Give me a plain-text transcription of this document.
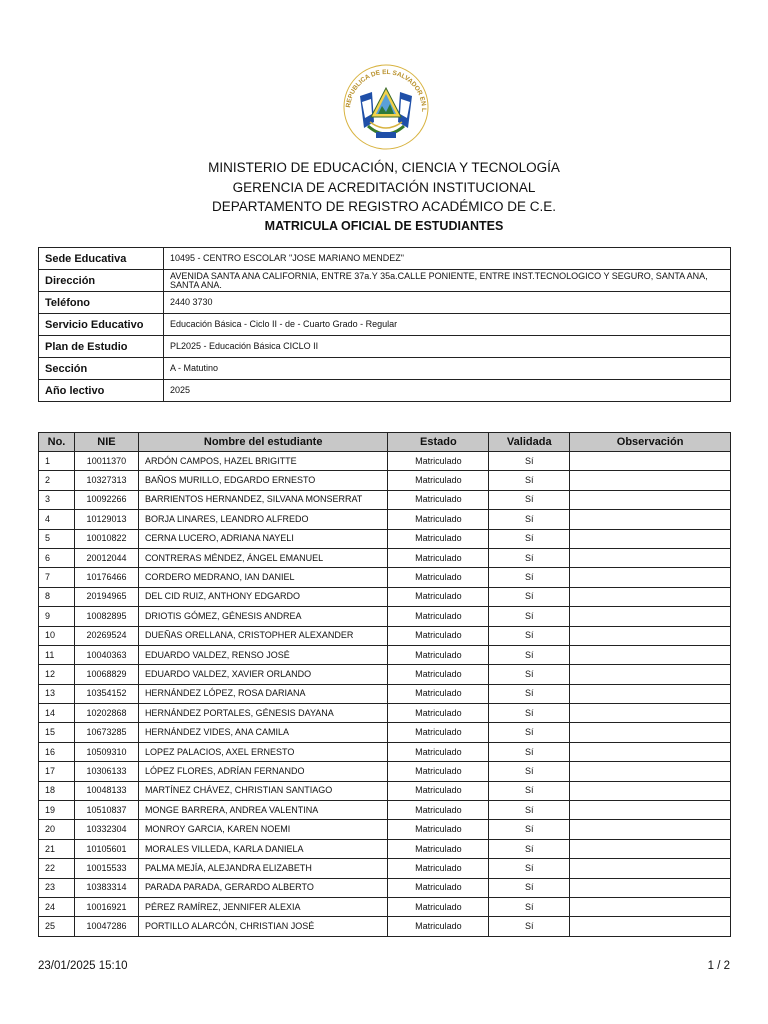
REPUBLICA DE EL SALVADOR EN L
MINISTERIO DE EDUCACIÓN, CIENCIA Y TECNOLOGÍA
GERENCIA DE ACREDITACIÓN INSTITUCIONAL
DEPARTAMENTO DE REGISTRO ACADÉMICO DE C.E.
MATRICULA OFICIAL DE ESTUDIANTES
Sede Educativa	10495 - CENTRO ESCOLAR "JOSE MARIANO MENDEZ"
Dirección	AVENIDA SANTA ANA CALIFORNIA, ENTRE 37a.Y 35a.CALLE PONIENTE, ENTRE INST.TECNOLOGICO Y SEGURO, SANTA ANA, SANTA ANA.
Teléfono	2440 3730
Servicio Educativo	Educación Básica - Ciclo II - de - Cuarto Grado - Regular
Plan de Estudio	PL2025 - Educación Básica CICLO II
Sección	A - Matutino
Año lectivo	2025
No.	NIE	Nombre del estudiante	Estado	Validada	Observación
1	10011370	ARDÓN CAMPOS, HAZEL BRIGITTE	Matriculado	Sí	
2	10327313	BAÑOS MURILLO, EDGARDO ERNESTO	Matriculado	Sí	
3	10092266	BARRIENTOS HERNANDEZ, SILVANA MONSERRAT	Matriculado	Sí	
4	10129013	BORJA LINARES, LEANDRO ALFREDO	Matriculado	Sí	
5	10010822	CERNA LUCERO, ADRIANA NAYELI	Matriculado	Sí	
6	20012044	CONTRERAS MÉNDEZ, ÁNGEL EMANUEL	Matriculado	Sí	
7	10176466	CORDERO MEDRANO, IAN DANIEL	Matriculado	Sí	
8	20194965	DEL CID RUIZ, ANTHONY EDGARDO	Matriculado	Sí	
9	10082895	DRIOTIS GÓMEZ, GÉNESIS ANDREA	Matriculado	Sí	
10	20269524	DUEÑAS ORELLANA, CRISTOPHER ALEXANDER	Matriculado	Sí	
11	10040363	EDUARDO VALDEZ, RENSO JOSÉ	Matriculado	Sí	
12	10068829	EDUARDO VALDEZ, XAVIER ORLANDO	Matriculado	Sí	
13	10354152	HERNÁNDEZ LÓPEZ, ROSA DARIANA	Matriculado	Sí	
14	10202868	HERNÁNDEZ PORTALES, GÉNESIS DAYANA	Matriculado	Sí	
15	10673285	HERNÁNDEZ VIDES, ANA CAMILA	Matriculado	Sí	
16	10509310	LOPEZ PALACIOS, AXEL ERNESTO	Matriculado	Sí	
17	10306133	LÓPEZ FLORES, ADRÍAN FERNANDO	Matriculado	Sí	
18	10048133	MARTÍNEZ CHÁVEZ, CHRISTIAN SANTIAGO	Matriculado	Sí	
19	10510837	MONGE BARRERA, ANDREA VALENTINA	Matriculado	Sí	
20	10332304	MONROY GARCIA, KAREN NOEMI	Matriculado	Sí	
21	10105601	MORALES VILLEDA, KARLA DANIELA	Matriculado	Sí	
22	10015533	PALMA MEJÍA, ALEJANDRA ELIZABETH	Matriculado	Sí	
23	10383314	PARADA PARADA, GERARDO ALBERTO	Matriculado	Sí	
24	10016921	PÉREZ RAMÍREZ, JENNIFER ALEXIA	Matriculado	Sí	
25	10047286	PORTILLO ALARCÓN, CHRISTIAN JOSÉ	Matriculado	Sí	
23/01/2025 15:10	1 / 2
